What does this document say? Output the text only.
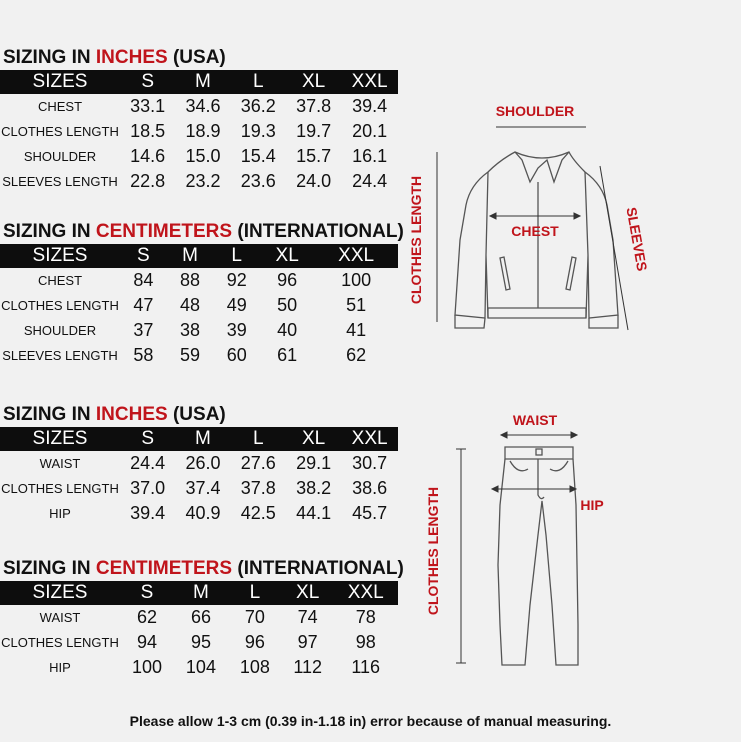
SIZING IN INCHES (USA)
SIZES	S	M	L	XL	XXL
CHEST	33.1	34.6	36.2	37.8	39.4
CLOTHES LENGTH	18.5	18.9	19.3	19.7	20.1
SHOULDER	14.6	15.0	15.4	15.7	16.1
SLEEVES LENGTH	22.8	23.2	23.6	24.0	24.4
SIZING IN CENTIMETERS (INTERNATIONAL)
SIZES	S	M	L	XL	XXL
CHEST	84	88	92	96	100
CLOTHES LENGTH	47	48	49	50	51
SHOULDER	37	38	39	40	41
SLEEVES LENGTH	58	59	60	61	62
SIZING IN INCHES (USA)
SIZES	S	M	L	XL	XXL
WAIST	24.4	26.0	27.6	29.1	30.7
CLOTHES LENGTH	37.0	37.4	37.8	38.2	38.6
HIP	39.4	40.9	42.5	44.1	45.7
SIZING IN CENTIMETERS (INTERNATIONAL)
SIZES	S	M	L	XL	XXL
WAIST	62	66	70	74	78
CLOTHES LENGTH	94	95	96	97	98
HIP	100	104	108	112	116
SHOULDER
CHEST
CLOTHES LENGTH	SLEEVES
WAIST
HIP
CLOTHES LENGTH
Please allow 1-3 cm (0.39 in-1.18 in) error because of manual measuring.
